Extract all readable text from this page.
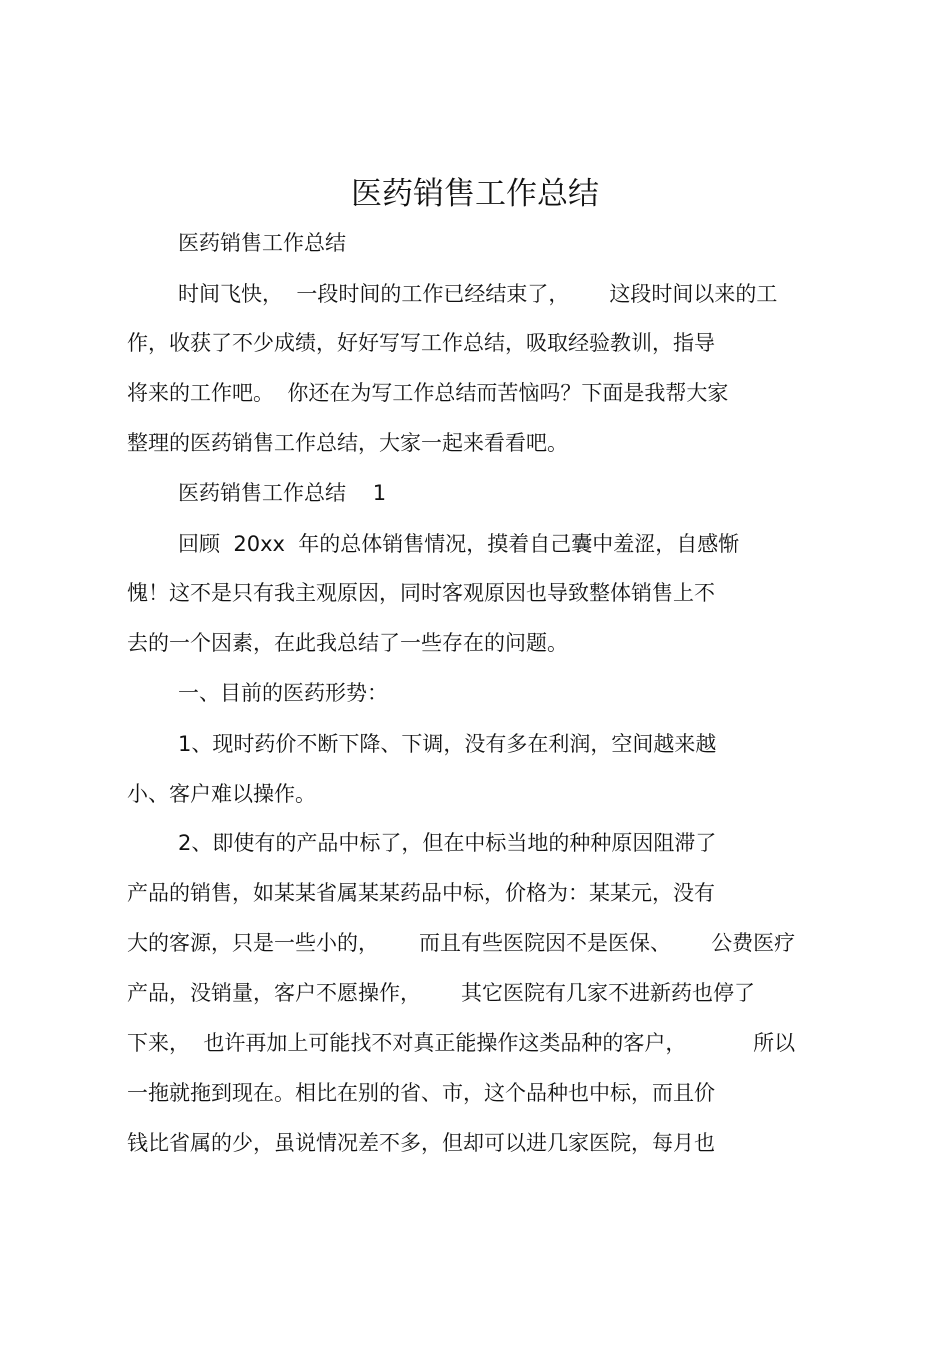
医药销售工作总结
医药销售工作总结
时间飞快，  一段时间的工作已经结束了，      这段时间以来的工
作，收获了不少成绩，好好写写工作总结，吸取经验教训，指导
将来的工作吧。  你还在为写工作总结而苦恼吗？下面是我帮大家
整理的医药销售工作总结，大家一起来看看吧。
医药销售工作总结    1
回顾  20xx  年的总体销售情况，摸着自己囊中羞涩，自感惭
愧！这不是只有我主观原因，同时客观原因也导致整体销售上不
去的一个因素，在此我总结了一些存在的问题。
一、目前的医药形势：
1、现时药价不断下降、下调，没有多在利润，空间越来越
小、客户难以操作。
2、即使有的产品中标了，但在中标当地的种种原因阻滞了
产品的销售，如某某省属某某药品中标，价格为：某某元，没有
大的客源，只是一些小的，      而且有些医院因不是医保、      公费医疗
产品，没销量，客户不愿操作，      其它医院有几家不进新药也停了
下来，  也许再加上可能找不对真正能操作这类品种的客户，          所以
一拖就拖到现在。相比在别的省、市，这个品种也中标，而且价
钱比省属的少，虽说情况差不多，但却可以进几家医院，每月也
